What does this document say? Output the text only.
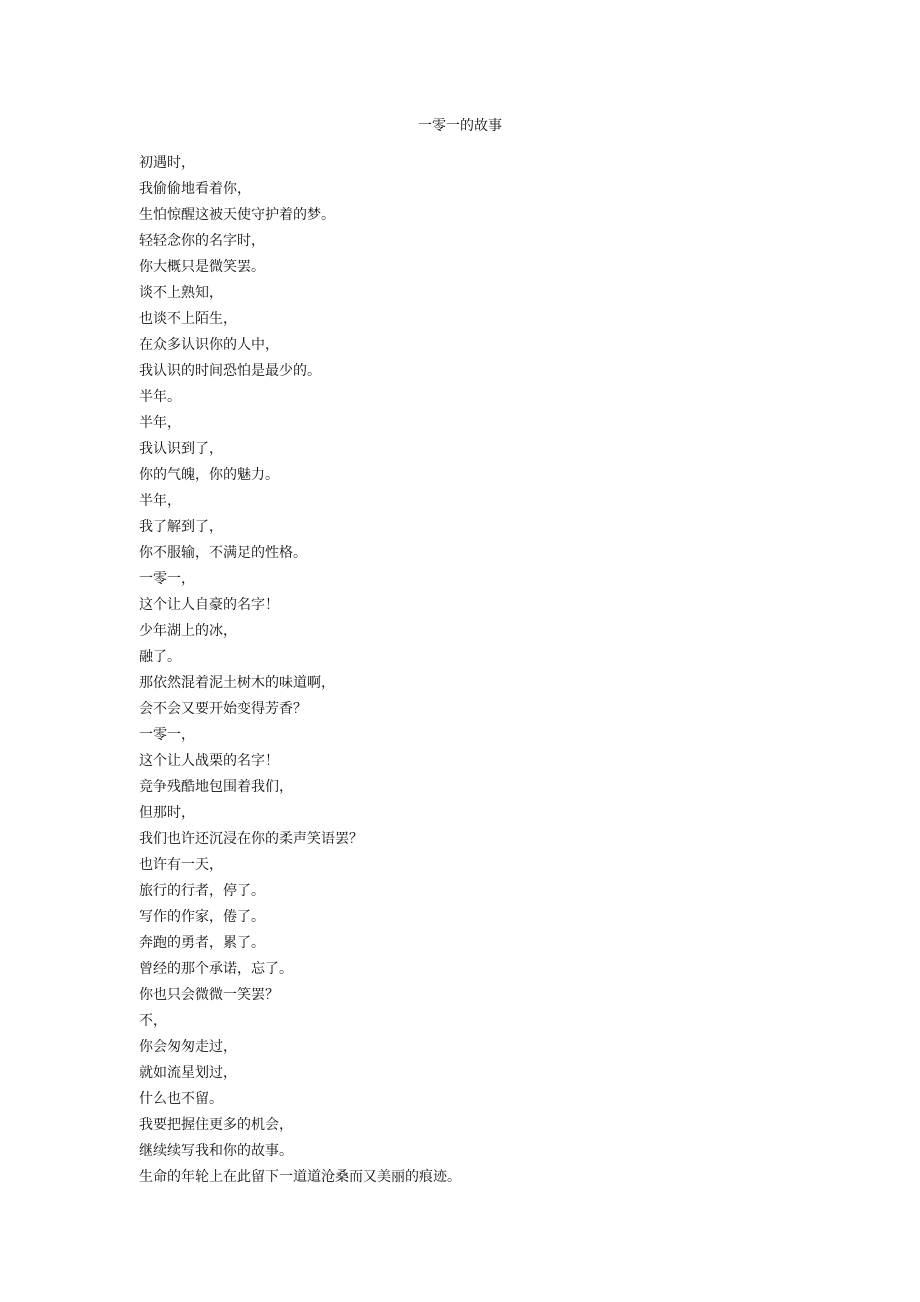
一零一的故事
初遇时，
我偷偷地看着你，
生怕惊醒这被天使守护着的梦。
轻轻念你的名字时，
你大概只是微笑罢。
谈不上熟知，
也谈不上陌生，
在众多认识你的人中，
我认识的时间恐怕是最少的。
半年。
半年，
我认识到了，
你的气魄，你的魅力。
半年，
我了解到了，
你不服输，不满足的性格。
一零一，
这个让人自豪的名字！
少年湖上的冰，
融了。
那依然混着泥土树木的味道啊，
会不会又要开始变得芳香？
一零一，
这个让人战栗的名字！
竞争残酷地包围着我们，
但那时，
我们也许还沉浸在你的柔声笑语罢？
也许有一天，
旅行的行者，停了。
写作的作家，倦了。
奔跑的勇者，累了。
曾经的那个承诺，忘了。
你也只会微微一笑罢？
不，
你会匆匆走过，
就如流星划过，
什么也不留。
我要把握住更多的机会，
继续续写我和你的故事。
生命的年轮上在此留下一道道沧桑而又美丽的痕迹。
